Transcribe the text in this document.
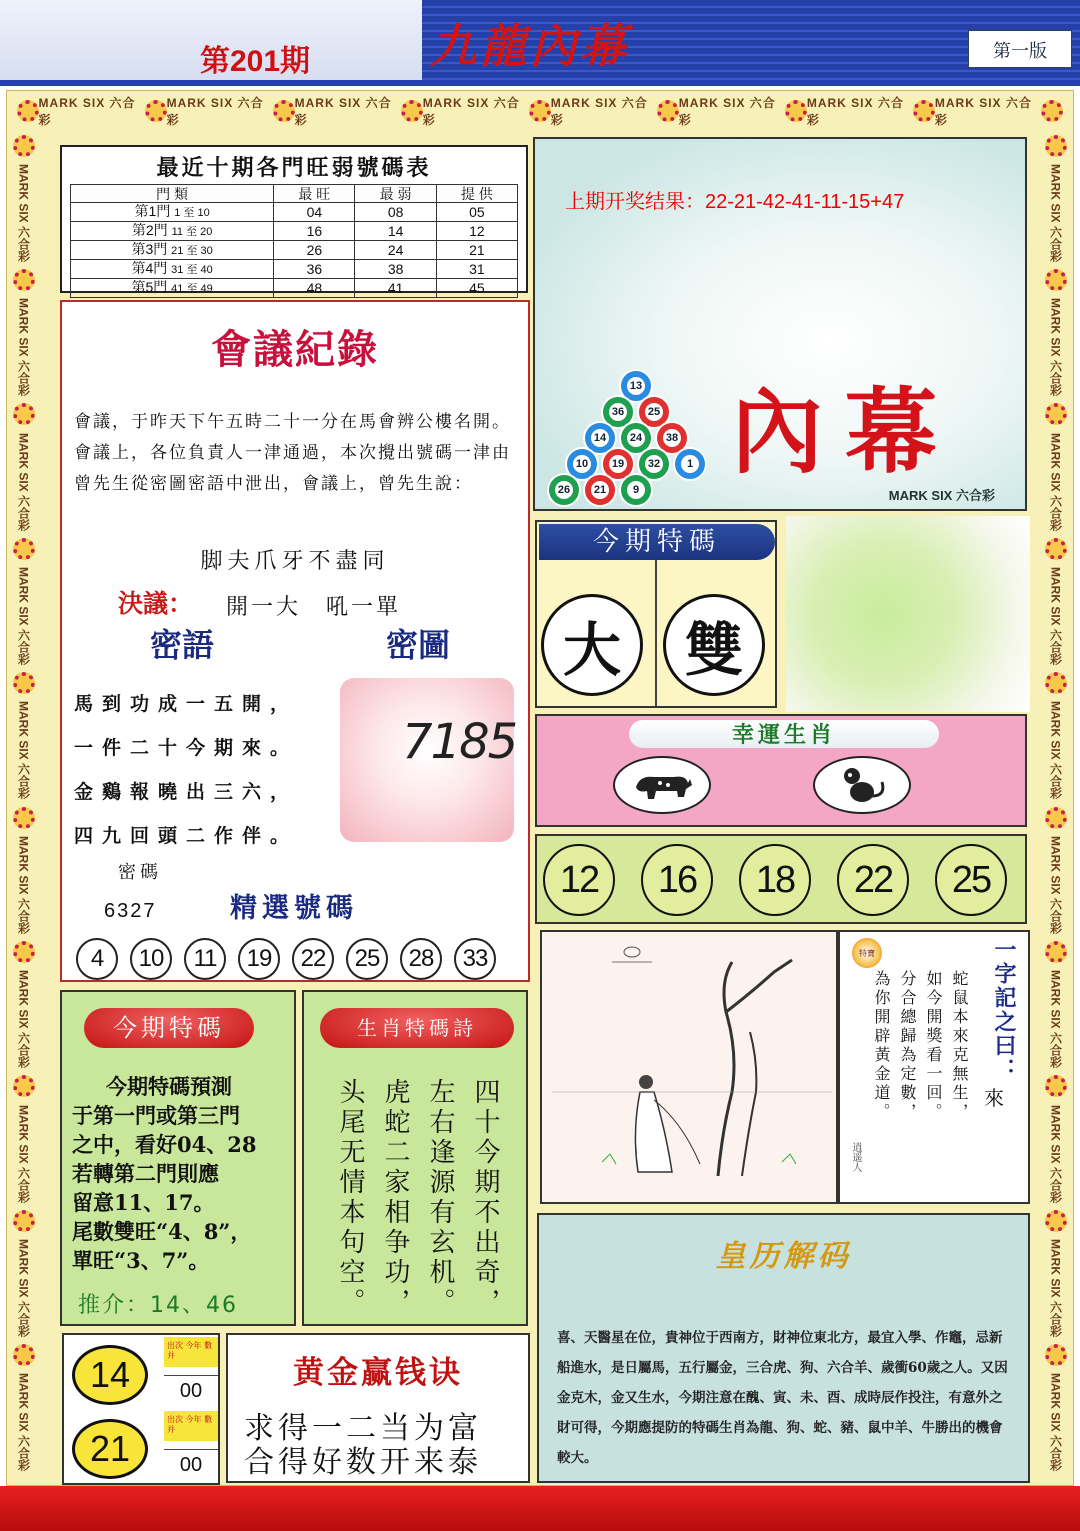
第201期	九龍內幕	第一版
MARK SIX 六合彩
MARK SIX 六合彩
MARK SIX 六合彩
MARK SIX 六合彩
MARK SIX 六合彩
MARK SIX 六合彩
MARK SIX 六合彩
MARK SIX 六合彩
MARK SIX 六合彩
MARK SIX 六合彩
MARK SIX 六合彩
MARK SIX 六合彩
MARK SIX 六合彩
MARK SIX 六合彩
MARK SIX 六合彩
MARK SIX 六合彩
MARK SIX 六合彩
MARK SIX 六合彩
MARK SIX 六合彩
MARK SIX 六合彩
MARK SIX 六合彩
MARK SIX 六合彩
MARK SIX 六合彩
MARK SIX 六合彩
MARK SIX 六合彩
MARK SIX 六合彩
MARK SIX 六合彩
MARK SIX 六合彩
最近十期各門旺弱號碼表
門 類	最 旺	最 弱	提 供
第1門 1 至 10	04	08	05
第2門 11 至 20	16	14	12
第3門 21 至 30	26	24	21
第4門 31 至 40	36	38	31
第5門 41 至 49	48	41	45
會議紀錄
會議，于昨天下午五時二十一分在馬會辨公樓名開。會議上，各位負責人一津通過，本次攪出號碼一津由曾先生從密圖密語中泄出，會議上，曾先生說：
脚夫爪牙不盡同
決議： 開一大　吼一單
密語	密圖
馬到功成一五開，
一件二十今期來。
金鷄報曉出三六，
四九回頭二作伴。
7185
密碼
6327	精選號碼
4	10	11	19	22	25	28	33
上期开奖结果：22-21-42-41-11-15+47
13
36 25
14 24 38
10 19 32	1
26 21	9
內幕
MARK SIX 六合彩
今期特碼
大	雙
幸運生肖
12	16	18	22	25
特寶	一字記之曰：
來
蛇鼠本來克無生，
如今開獎看一回。
分合總歸為定數，
為你開辟黃金道。
逍遥人
今期特碼
今期特碼預測
于第一門或第三門
之中，看好04、28
若轉第二門則應
留意11、17。
尾數雙旺“4、8”，
單旺“3、7”。
推介：14、46
生肖特碼詩
四十今期不出奇，
左右逢源有玄机。
虎蛇二家相争功，
头尾无情本句空。
14
出次 今年 數 并
00
21
出次 今年 數 并
00
黄金赢钱诀
求得一二当为富
合得好数开来泰
皇历解码
喜、天醫星在位，貴神位于西南方，財神位東北方，最宜入學、作竈，忌新船進水，是日屬馬，五行屬金，三合虎、狗、六合羊、歲衝60歲之人。又因金克木，金又生水，今期注意在醜、寅、未、酉、成時辰作投注，有意外之財可得，今期應提防的特碼生肖為龍、狗、蛇、豬、鼠中羊、牛勝出的機會較大。
